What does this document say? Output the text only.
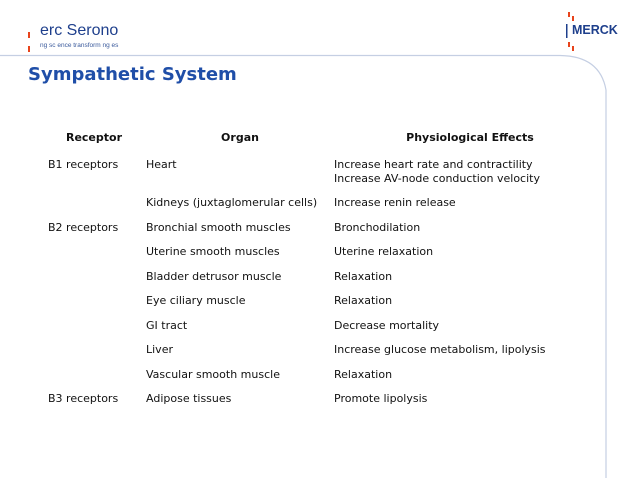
erc Serono
ng sc ence transform ng es
MERCK
Sympathetic System
Receptor	Organ	Physiological Effects
B1 receptors	Heart	Increase heart rate and contractility
Increase AV-node conduction velocity

	Kidneys (juxtaglomerular cells)	Increase renin release

B2 receptors	Bronchial smooth muscles	Bronchodilation

	Uterine smooth muscles	Uterine relaxation

	Bladder detrusor muscle	Relaxation

	Eye ciliary muscle	Relaxation

	GI tract	Decrease mortality

	Liver	Increase glucose metabolism, lipolysis

	Vascular smooth muscle	Relaxation

B3 receptors	Adipose tissues	Promote lipolysis
